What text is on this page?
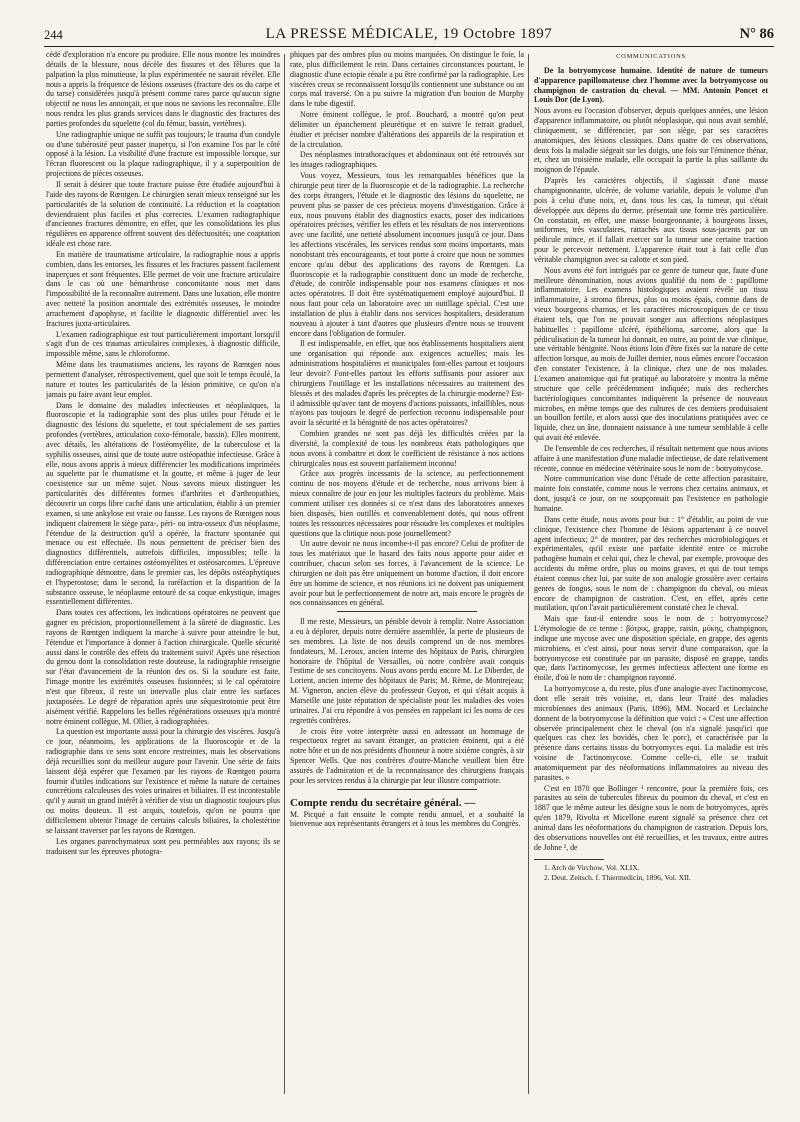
244	LA PRESSE MÉDICALE, 19 Octobre 1897	N° 86

cédé d'exploration n'a encore pu produire. Elle nous montre les moindres détails de la blessure, nous décèle des fissures et des fêlures que la palpation la plus minutieuse, la plus expérimentée ne saurait révéler. Elle nous a appris la fréquence de lésions osseuses (fracture des os du carpe et du tarse) considérées jusqu'à présent comme rares parce qu'aucun signe objectif ne nous les annonçait, et que nous ne savions les reconnaître. Elle nous rendra les plus grands services dans le diagnostic des fractures des parties profondes du squelette (col du fémur, bassin, vertèbres).

Une radiographie unique ne suffit pas toujours; le trauma d'un condyle ou d'une tubérosité peut passer inaperçu, si l'on examine l'os par le côté opposé à la lésion. La visibilité d'une fracture est impossible lorsque, sur l'écran fluorescent ou la plaque radiographique, il y a superposition de projections de pièces osseuses.

Il serait à désirer que toute fracture puisse être étudiée aujourd'hui à l'aide des rayons de Rœntgen. Le chirurgien serait mieux renseigné sur les particularités de la solution de continuité. La réduction et la coaptation deviendraient plus faciles et plus correctes. L'examen radiographique d'anciennes fractures démontre, en effet, que les consolidations les plus régulières en apparence offrent souvent des défectuosités; une coaptation idéale est chose rare.

En matière de traumatisme articulaire, la radiographie nous a appris combien, dans les entorses, les fissures et les fractures passent facilement inaperçues et sont fréquentes. Elle permet de voir une fracture articulaire dans le cas où une hémarthrose concomitante nous met dans l'impossibilité de la reconnaître autrement. Dans une luxation, elle montre avec netteté la position anormale des extrémités osseuses, le moindre arrachement d'apophyse, et facilite le diagnostic différentiel avec les fractures juxta-articulaires.

L'examen radiographique est tout particulièrement important lorsqu'il s'agit d'un de ces traumas articulaires complexes, à diagnostic difficile, impossible même, sans le chloroforme.

Même dans les traumatismes anciens, les rayons de Rœntgen nous permettent d'analyser, rétrospectivement, quel que soit le temps écoulé, la nature et toutes les particularités de la lésion primitive, ce qu'on n'a jamais pu faire avant leur emploi.

Dans le domaine des maladies infectieuses et néoplasiques, la fluoroscopie et la radiographie sont des plus utiles pour l'étude et le diagnostic des lésions du squelette, et tout spécialement de ses parties profondes (vertèbres, articulation coxo-fémorale, bassin). Elles montrent, avec détails, les altérations de l'ostéomyélite, de la tuberculose et la syphilis osseuses, ainsi que de toute autre ostéopathie infectieuse. Grâce à elle, nous avons appris à mieux différencier les modifications imprimées au squelette par le rhumatisme et la goutte, et même à juger de leur coexistence sur un même sujet. Nous savons mieux distinguer les particularités des différentes formes d'arthrites et d'arthropathies, découvrir un corps libre caché dans une articulation, établir à un premier examen, si une ankylose est vraie ou fausse. Les rayons de Rœntgen nous indiquent clairement le siège para-, péri- ou intra-osseux d'un néoplasme, l'étendue de la destruction qu'il a opérée, la fracture spontanée qui menace ou est effectuée. Ils nous permettent de préciser bien des diagnostics différentiels, autrefois difficiles, impossibles; telle la différenciation entre certaines ostéomyélites et ostéosarcomes. L'épreuve radiographique démontre, dans le premier cas, les dépôts ostéophytiques et l'hyperostose; dans le second, la raréfaction et la disparition de la substance osseuse, le néoplasme entouré de sa coque enkystique, images essentiellement différentes.

Dans toutes ces affections, les indications opératoires ne peuvent que gagner en précision, proportionnellement à la sûreté de diagnostic. Les rayons de Rœntgen indiquent la marche à suivre pour atteindre le but, l'étendue et l'importance à donner à l'action chirurgicale. Quelle sécurité aussi dans le contrôle des effets du traitement suivi! Après une résection du genou dont la consolidation reste douteuse, la radiographie renseigne sur l'état d'avancement de la réunion des os. Si la soudure est faite, l'image montre les extrémités osseuses fusionnées; si le cal opératoire n'est que fibreux, il reste un intervalle plus clair entre les surfaces juxtaposées. Le degré de réparation après une séquestrotomie peut être aisément vérifié. Rappelons les belles régénérations osseuses qu'a montré notre éminent collègue, M. Ollier, à radiographiées.

La question est importante aussi pour la chirurgie des viscères. Jusqu'à ce jour, néanmoins, les applications de la fluoroscopie et de la radiographie dans ce sens sont encore restreintes, mais les observations déjà recueillies sont du meilleur augure pour l'avenir. Une série de faits laissent déjà espérer que l'examen par les rayons de Rœntgen pourra fournir d'utiles indications sur l'existence et même la nature de certaines concrétions calculeuses des voies urinaires et biliaires. Il est incontestable qu'il y aurait un grand intérêt à vérifier de visu un diagnostic toujours plus ou moins douteux. Il est acquis, toutefois, qu'on ne pourra que difficilement obtenir l'image de certains calculs biliaires, la cholestérine se laissant traverser par les rayons de Rœntgen.

Les organes parenchymateux sont peu perméables aux rayons; ils se traduisent sur les épreuves photogra-

phiques par des ombres plus ou moins marquées. On distingue le foie, la rate, plus difficilement le rein. Dans certaines circonstances pourtant, le diagnostic d'une ectopie rénale a pu être confirmé par la radiographie. Les viscères creux se reconnaissent lorsqu'ils contiennent une substance ou un corps mal traversé. On a pu suivre la migration d'un bouton de Murphy dans le tube digestif.

Notre éminent collègue, le prof. Bouchard, a montré qu'on peut délimiter un épanchement pleurétique et en suivre le retrait graduel, étudier et préciser nombre d'altérations des appareils de la respiration et de la circulation.

Des néoplasmes intrathoraciques et abdominaux ont été retrouvés sur les images radiographiques.

Vous voyez, Messieurs, tous les remarquables bénéfices que la chirurgie peut tirer de la fluoroscopie et de la radiographie. La recherche des corps étrangers, l'étude et le diagnostic des lésions du squelette, ne peuvent plus se passer de ces précieux moyens d'investigation. Grâce à eux, nous pouvons établir des diagnostics exacts, poser des indications opératoires précises, vérifier les effets et les résultats de nos interventions avec une facilité, une netteté absolument inconnues jusqu'à ce jour. Dans les affections viscérales, les services rendus sont moins importants, mais nonobstant très encourageants, et tout porte à croire que nous ne sommes encore qu'au début des applications des rayons de Rœntgen. La fluoroscopie et la radiographie constituent donc un mode de recherche, d'étude, de contrôle indispensable pour nos examens cliniques et nos actes opératoires. Il doit être systématiquement employé aujourd'hui. Il nous faut pour cela un laboratoire avec un outillage spécial. C'est une installation de plus à établir dans nos services hospitaliers, desideratum nouveau à ajouter à tant d'autres que plusieurs d'entre nous se trouvent encore dans l'obligation de formuler.

Il est indispensable, en effet, que nos établissements hospitaliers aient une organisation qui réponde aux exigences actuelles; mais les administrations hospitalières et municipales font-elles partout et toujours leur devoir? Font-elles partout les efforts suffisants pour assurer aux chirurgiens l'outillage et les installations nécessaires au traitement des blessés et des malades d'après les préceptes de la chirurgie moderne? Est-il admissible qu'avec tant de moyens d'actions puissants, infaillibles, nous n'ayons pas toujours le degré de perfection reconnu indispensable pour avoir la sécurité et la bénignité de nos actes opératoires?

Combien grandes ne sont pas déjà les difficultés créées par la diversité, la complexité de tous les nombreux états pathologiques que nous avons à combattre et dont le coefficient de résistance à nos actions chirurgicales nous est souvent parfaitement inconnu!

Grâce aux progrès incessants de la science, au perfectionnement continu de nos moyens d'étude et de recherche, nous arrivons bien à mieux connaître de jour en jour les multiples facteurs du problème. Mais comment utiliser ces données si ce n'est dans des laboratoires annexes bien disposés, bien outillés et convenablement dotés, qui nous offrent toutes les ressources nécessaires pour résoudre les complexes et multiples questions que la clinique nous pose journellement?

Un autre devoir ne nous incombe-t-il pas encore? Celui de profiter de tous les matériaux que le hasard des faits nous apporte pour aider et contribuer, chacun selon ses forces, à l'avancement de la science. Le chirurgien ne doit pas être uniquement un homme d'action, il doit encore être un homme de science, et nos réunions ici ne doivent pas uniquement avoir pour but le perfectionnement de notre art, mais encore le progrès de nos connaissances en général.

Il me reste, Messieurs, un pénible devoir à remplir. Notre Association a eu à déplorer, depuis notre dernière assemblée, la perte de plusieurs de ses membres. La liste de nos deuils comprend un de nos membres fondateurs, M. Leroux, ancien interne des hôpitaux de Paris, chirurgien honoraire de l'hôpital de Versailles, où notre confrère avait conquis l'estime de ses concitoyens. Nous avons perdu encore M. Le Diberder, de Lorient, ancien interne des hôpitaux de Paris; M. Rème, de Montrejeau; M. Vigneron, ancien élève du professeur Guyon, et qui s'était acquis à Marseille une juste réputation de spécialiste pour les maladies des voies urinaires. J'ai cru répondre à vos pensées en rappelant ici les noms de ces regrettés confrères.

Je crois être votre interprète aussi en adressant un hommage de respectueux regret au savant étranger, au praticien éminent, qui a été notre hôte et un de nos présidents d'honneur à notre sixième congrès, à sir Spencer Wells. Que nos confrères d'outre-Manche veuillent bien être assurés de l'admiration et de la reconnaissance des chirurgiens français pour les services rendus à la chirurgie par leur illustre compatriote.

Compte rendu du secrétaire général. —

M. Picqué a fait ensuite le compte rendu annuel, et a souhaité la bienvenue aux représentants étrangers et à tous les membres du Congrès.

COMMUNICATIONS

De la botryomycose humaine. Identité de nature de tumeurs d'apparence papillomateuse chez l'homme avec la botryomycose ou champignon de castration du cheval. — MM. Antonin Poncet et Louis Dor (de Lyon).

Nous avons eu l'occasion d'observer, depuis quelques années, une lésion d'apparence inflammatoire, ou plutôt néoplasique, qui nous avait semblé, cliniquement, se différencier, par son siège, par ses caractères anatomiques, des lésions classiques. Dans quatre de ces observations, deux fois la maladie siégeait sur les doigts, une fois sur l'éminence thénar, et, chez un troisième malade, elle occupait la partie la plus saillante du moignon de l'épaule.

D'après les caractères objectifs, il s'agissait d'une masse champignonnante, ulcérée, de volume variable, depuis le volume d'un pois à celui d'une noix, et, dans tous les cas, la tumeur, qui s'était développée aux dépens du derme, présentait une forme très particulière. On constatait, en effet, une masse bourgeonnante, à bourgeons lisses, uniformes, très vasculaires, rattachés aux tissus sous-jacents par un pédicule mince, et il fallait exercer sur la tumeur une certaine traction pour le percevoir nettement. L'apparence était tout à fait celle d'un véritable champignon avec sa calotte et son pied.

Nous avons été fort intrigués par ce genre de tumeur que, faute d'une meilleure dénomination, nous avions qualifié du nom de : papillome inflammatoire. Les examens histologiques avaient révélé un tissu inflammatoire, à stroma fibreux, plus ou moins épais, comme dans de vieux bourgeons charnus, et les caractères microscopiques de ce tissu étaient tels, que l'on ne pouvait songer aux affections néoplasiques habituelles : papillome ulcéré, épithélioma, sarcome, alors que la pédiculisation de la tumeur lui donnait, en outre, au point de vue clinique, une véritable bénignité. Nous étions loin d'être fixés sur la nature de cette affection lorsque, au mois de Juillet dernier, nous eûmes encore l'occasion d'en constater l'existence, à la clinique, chez une de nos malades. L'examen anatomique qui fut pratiqué au laboratoire y montra la même structure que celle précédemment indiquée; mais des recherches bactériologiques concomitantes indiquèrent la présence de nouveaux microbes, en même temps que des cultures de ces derniers produisaient un bouillon fertile, et alors aussi que des inoculations pratiquées avec ce liquide, chez un âne, donnaient naissance à une tumeur semblable à celle qui avait été enlevée.

De l'ensemble de ces recherches, il résultait nettement que nous avions affaire à une manifestation d'une maladie infectieuse, de date relativement récente, connue en médecine vétérinaire sous le nom de : botryomycose.

Notre communication vise donc l'étude de cette affection parasitaire, mainte fois constatée, comme nous le verrons chez certains animaux, et dont, jusqu'à ce jour, on ne soupçonnait pas l'existence en pathologie humaine.

Dans cette étude, nous avons pour but : 1° d'établir, au point de vue clinique, l'existence chez l'homme de lésions appartenant à ce nouvel agent infectieux; 2° de montrer, par des recherches microbiologiques et expérimentales, qu'il existe une parfaite identité entre ce microbe pathogène humain et celui qui, chez le cheval, par exemple, provoque des accidents du même ordre, plus ou moins graves, et qui de tout temps étaient connus chez lui, par suite de son analogie grossière avec certains genres de fongus, sous le nom de : champignon du cheval, ou mieux encore de champignon de castration. C'est, en effet, après cette mutilation, qu'on l'avait particulièrement constaté chez le cheval.

Mais que faut-il entendre sous le nom de : botryomycose? L'étymologie de ce terme : βότρυς, grappe, raisin, μύκης, champignon, indique une mycose avec une disposition spéciale, en grappe, des agents microbiens, et c'est ainsi, pour nous servir d'une comparaison, que la botryomycose est constituée par un parasite, disposé en grappe, tandis que, dans l'actinomycose, les germes infectieux affectent une forme en étoile, d'où le nom de : champignon rayonné.

La botryomycose a, du reste, plus d'une analogie avec l'actinomycose, dont elle serait très voisine, et, dans leur Traité des maladies microbiennes des animaux (Paris, 1896), MM. Nocard et Leclainche donnent de la botryomycose la définition que voici : « C'est une affection observée principalement chez le cheval (on n'a signalé jusqu'ici que quelques cas chez les bovidés, chez le porc), et caractérisée par la présence dans certains tissus du botryomyces equi. La maladie est très voisine de l'actinomycose. Comme celle-ci, elle se traduit anatomiquement par des néoformations inflammatoires au niveau des parasites. »

C'est en 1870 que Bollinger ¹ rencontre, pour la première fois, ces parasites au sein de tubercules fibreux du poumon du cheval, et c'est en 1887 que le même auteur les désigne sous le nom de botryomyces, après qu'en 1879, Rivolta et Micellone eurent signalé sa présence chez cet animal dans les néoformations du champignon de castration. Depuis lors, des observations nouvelles ont été recueillies, et les travaux, entre autres de Johne ², de

1. Arch de Virchow, Vol. XLIX.

2. Deut. Zeitsch. f. Thiermedicin, 1896, Vol. XII.
